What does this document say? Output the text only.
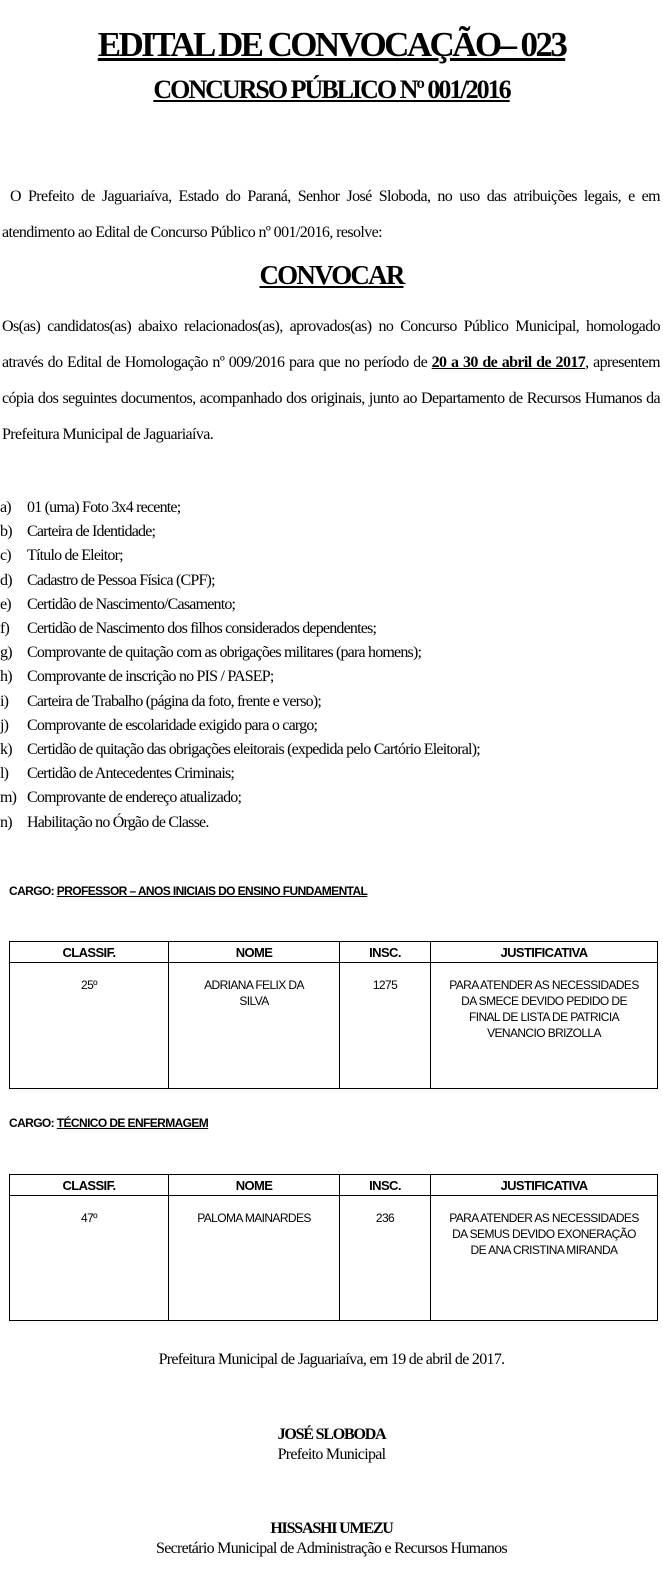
EDITAL DE CONVOCAÇÃO– 023
CONCURSO PÚBLICO Nº 001/2016
O Prefeito de Jaguariaíva, Estado do Paraná, Senhor José Sloboda, no uso das atribuições legais, e em atendimento ao Edital de Concurso Público nº 001/2016, resolve:
CONVOCAR
Os(as) candidatos(as) abaixo relacionados(as), aprovados(as) no Concurso Público Municipal, homologado através do Edital de Homologação nº 009/2016 para que no período de 20 a 30 de abril de 2017, apresentem cópia dos seguintes documentos, acompanhado dos originais, junto ao Departamento de Recursos Humanos da Prefeitura Municipal de Jaguariaíva.
a)	01 (uma) Foto 3x4 recente;
b) Carteira de Identidade;
c)	Título de Eleitor;
d) Cadastro de Pessoa Física (CPF);
e)	Certidão de Nascimento/Casamento;
f)	Certidão de Nascimento dos filhos considerados dependentes;
g) Comprovante de quitação com as obrigações militares (para homens);
h) Comprovante de inscrição no PIS / PASEP;
i)	Carteira de Trabalho (página da foto, frente e verso);
j)	Comprovante de escolaridade exigido para o cargo;
k) Certidão de quitação das obrigações eleitorais (expedida pelo Cartório Eleitoral);
l)	Certidão de Antecedentes Criminais;
m) Comprovante de endereço atualizado;
n) Habilitação no Órgão de Classe.
CARGO: PROFESSOR – ANOS INICIAIS DO ENSINO FUNDAMENTAL
CLASSIF.	NOME	INSC.	JUSTIFICATIVA
25º	ADRIANA FELIX DA SILVA	1275	PARA ATENDER AS NECESSIDADES DA SMECE DEVIDO PEDIDO DE FINAL DE LISTA DE PATRICIA VENANCIO BRIZOLLA
CARGO: TÉCNICO DE ENFERMAGEM
CLASSIF.	NOME	INSC.	JUSTIFICATIVA
47º	PALOMA MAINARDES	236	PARA ATENDER AS NECESSIDADES DA SEMUS DEVIDO EXONERAÇÃO DE ANA CRISTINA MIRANDA
Prefeitura Municipal de Jaguariaíva, em 19 de abril de 2017.
JOSÉ SLOBODA
Prefeito Municipal
HISSASHI UMEZU
Secretário Municipal de Administração e Recursos Humanos
